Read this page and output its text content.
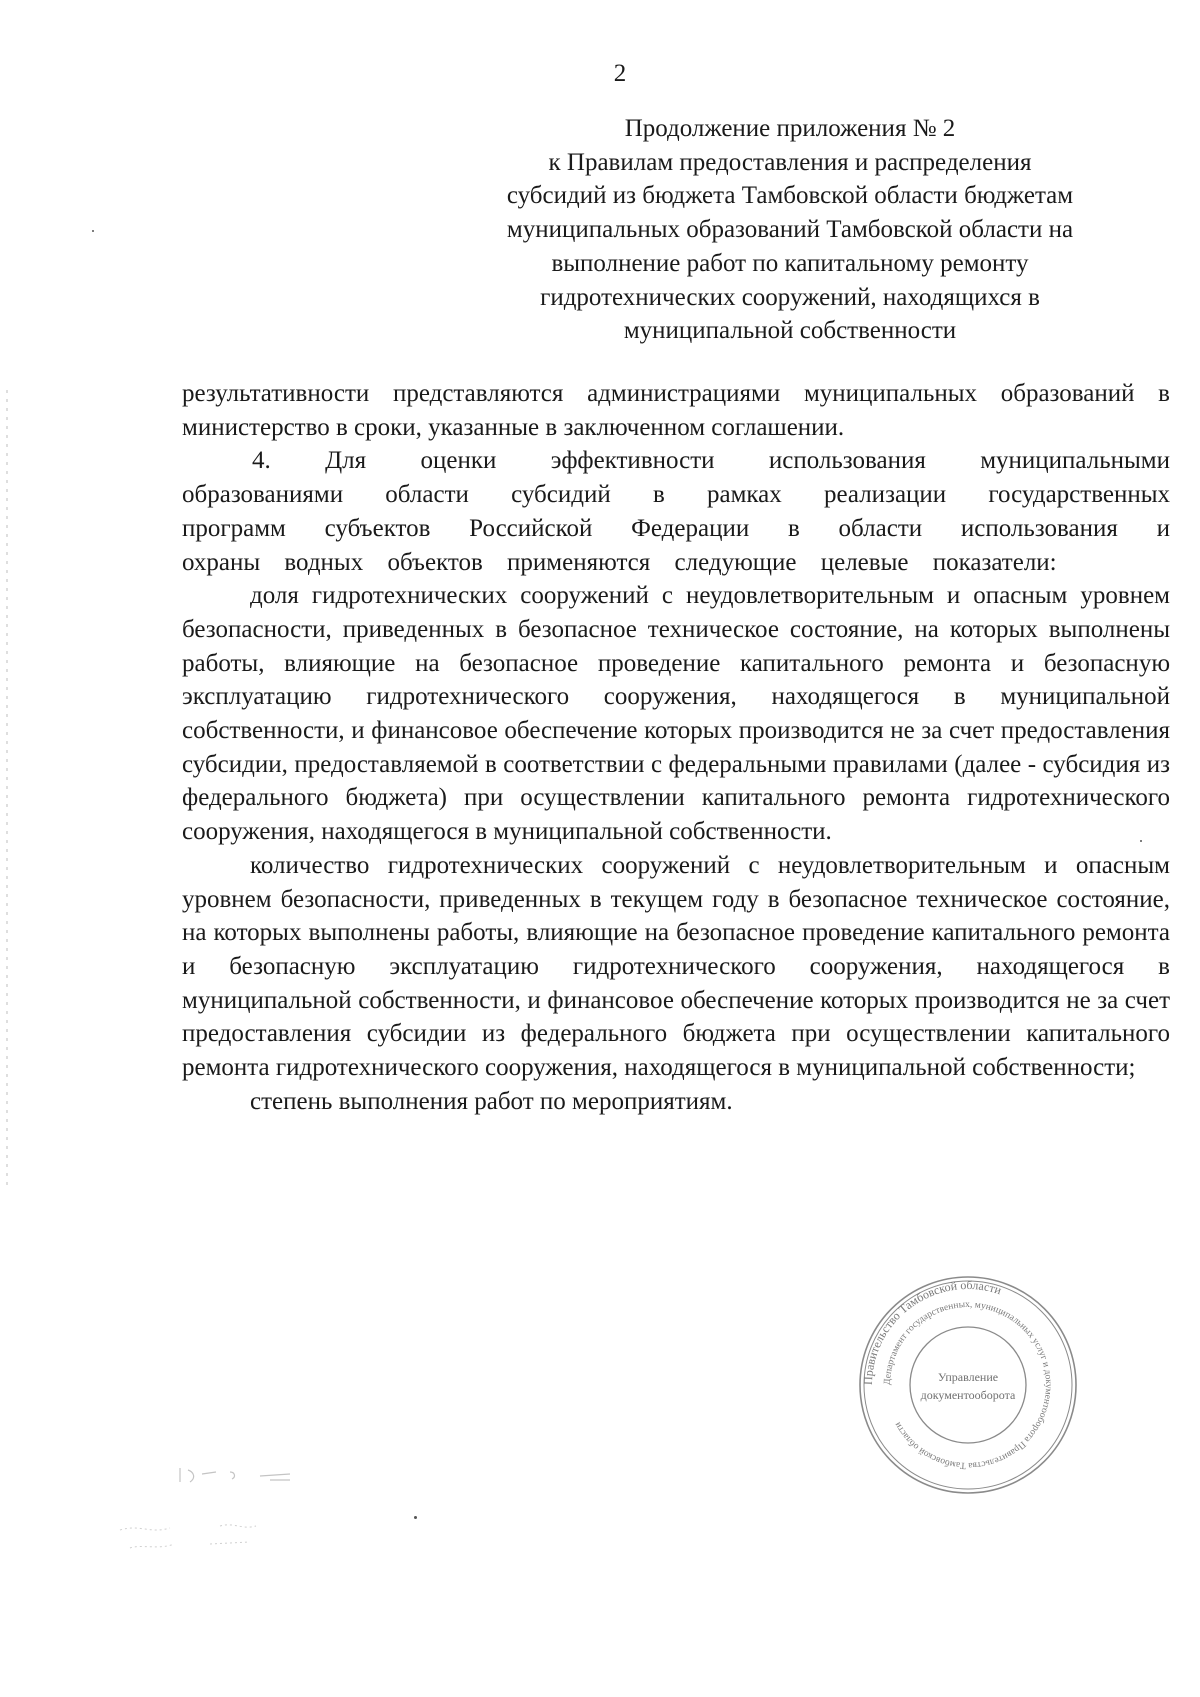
2
Продолжение приложения № 2
к Правилам предоставления и распределения
субсидий из бюджета Тамбовской области бюджетам
муниципальных образований Тамбовской области на
выполнение работ по капитальному ремонту
гидротехнических сооружений, находящихся в
муниципальной собственности

результативности представляются администрациями муниципальных образований в министерство в сроки, указанные в заключенном соглашении.

4. Для оценки эффективности использования муниципальными образованиями области субсидий в рамках реализации государственных программ субъектов Российской Федерации в области использования и охраны водных объектов применяются следующие целевые показатели:

доля гидротехнических сооружений с неудовлетворительным и опасным уровнем безопасности, приведенных в безопасное техническое состояние, на которых выполнены работы, влияющие на безопасное проведение капитального ремонта и безопасную эксплуатацию гидротехнического сооружения, находящегося в муниципальной собственности, и финансовое обеспечение которых производится не за счет предоставления субсидии, предоставляемой в соответствии с федеральными правилами (далее - субсидия из федерального бюджета) при осуществлении капитального ремонта гидротехнического сооружения, находящегося в муниципальной собственности.

количество гидротехнических сооружений с неудовлетворительным и опасным уровнем безопасности, приведенных в текущем году в безопасное техническое состояние, на которых выполнены работы, влияющие на безопасное проведение капитального ремонта и безопасную эксплуатацию гидротехнического сооружения, находящегося в муниципальной собственности, и финансовое обеспечение которых производится не за счет предоставления субсидии из федерального бюджета при осуществлении капитального ремонта гидротехнического сооружения, находящегося в муниципальной собственности;

степень выполнения работ по мероприятиям.

Правительство Тамбовской области
Департамент государственных, муниципальных услуг и документооборота Правительства Тамбовской области
Управление
документооборота
